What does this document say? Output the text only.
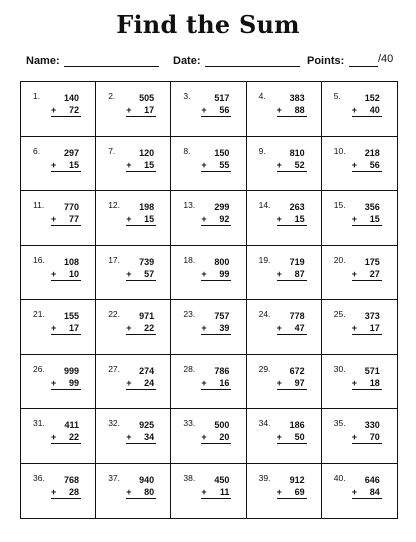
Find the Sum
Name:	Date:	Points:	/40
1.	140
+ 72
2.	505
+ 17
3.	517
+ 56
4.	383
+ 88
5.	152
+ 40
6.	297
+ 15
7.	120
+ 15
8.	150
+ 55
9.	810
+ 52
10.	218
+ 56
11.	770
+ 77
12.	198
+ 15
13.	299
+ 92
14.	263
+ 15
15.	356
+ 15
16.	108
+ 10
17.	739
+ 57
18.	800
+ 99
19.	719
+ 87
20.	175
+ 27
21.	155
+ 17
22.	971
+ 22
23.	757
+ 39
24.	778
+ 47
25.	373
+ 17
26.	999
+ 99
27.	274
+ 24
28.	786
+ 16
29.	672
+ 97
30.	571
+ 18
31.	411
+ 22
32.	925
+ 34
33.	500
+ 20
34.	186
+ 50
35.	330
+ 70
36.	768
+ 28
37.	940
+ 80
38.	450
+ 11
39.	912
+ 69
40.	646
+ 84
